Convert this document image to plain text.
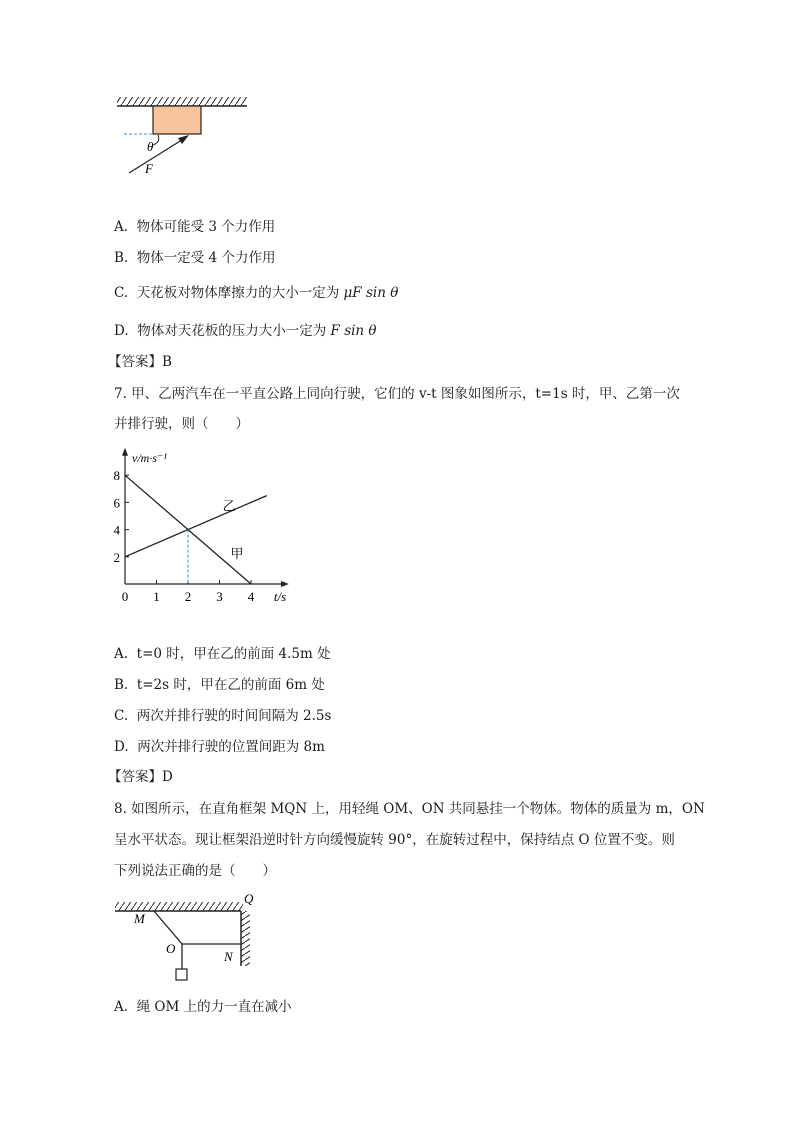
θ
F
A. 物体可能受 3 个力作用
B. 物体一定受 4 个力作用
C. 天花板对物体摩擦力的大小一定为 μF sin θ
D. 物体对天花板的压力大小一定为 F sin θ
【答案】B
7. 甲、乙两汽车在一平直公路上同向行驶，它们的 v-t 图象如图所示，t=1s 时，甲、乙第一次
并排行驶，则（　　）
0 1 2 3 4
2
4
6
8
t/s
v/m·s⁻¹
甲
乙
A. t=0 时，甲在乙的前面 4.5m 处
B. t=2s 时，甲在乙的前面 6m 处
C. 两次并排行驶的时间间隔为 2.5s
D. 两次并排行驶的位置间距为 8m
【答案】D
8. 如图所示，在直角框架 MQN 上，用轻绳 OM、ON 共同悬挂一个物体。物体的质量为 m，ON
呈水平状态。现让框架沿逆时针方向缓慢旋转 90°，在旋转过程中，保持结点 O 位置不变。则
下列说法正确的是（　　）
M
Q
O
N
A. 绳 OM 上的力一直在减小
